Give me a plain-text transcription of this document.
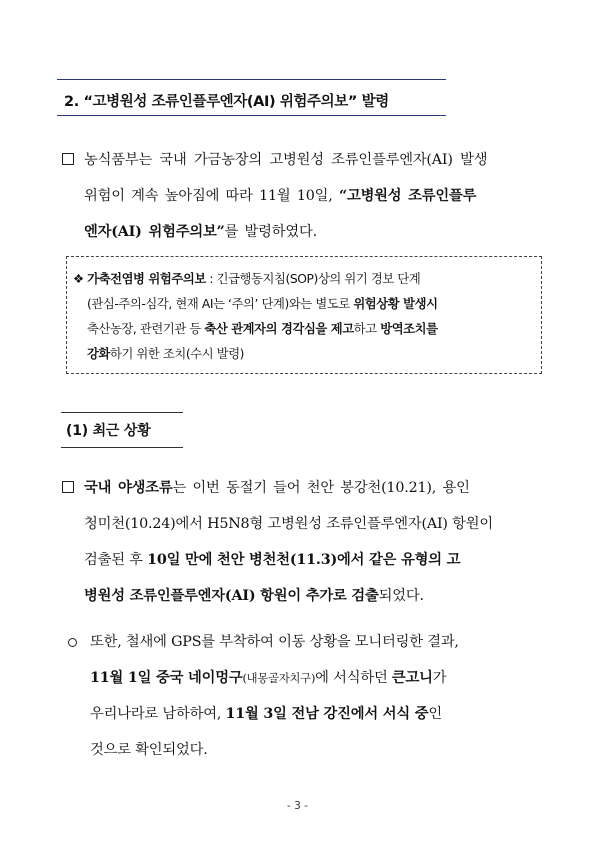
2. “고병원성 조류인플루엔자(AI) 위험주의보” 발령
농식품부는 국내 가금농장의 고병원성 조류인플루엔자(AI) 발생
위험이 계속 높아짐에 따라 11월 10일, “고병원성 조류인플루
엔자(AI) 위험주의보”를 발령하였다.
❖ 가축전염병 위험주의보 : 긴급행동지침(SOP)상의 위기 경보 단계
(관심-주의-심각, 현재 AI는 ‘주의’ 단계)와는 별도로 위험상황 발생시
축산농장, 관련기관 등 축산 관계자의 경각심을 제고하고 방역조치를
강화하기 위한 조치(수시 발령)
(1) 최근 상황
국내 야생조류는 이번 동절기 들어 천안 봉강천(10.21), 용인
청미천(10.24)에서 H5N8형 고병원성 조류인플루엔자(AI) 항원이
검출된 후 10일 만에 천안 병천천(11.3)에서 같은 유형의 고
병원성 조류인플루엔자(AI) 항원이 추가로 검출되었다.
또한, 철새에 GPS를 부착하여 이동 상황을 모니터링한 결과,
11월 1일 중국 네이멍구(내몽골자치구)에 서식하던 큰고니가
우리나라로 남하하여, 11월 3일 전남 강진에서 서식 중인
것으로 확인되었다.
- 3 -
